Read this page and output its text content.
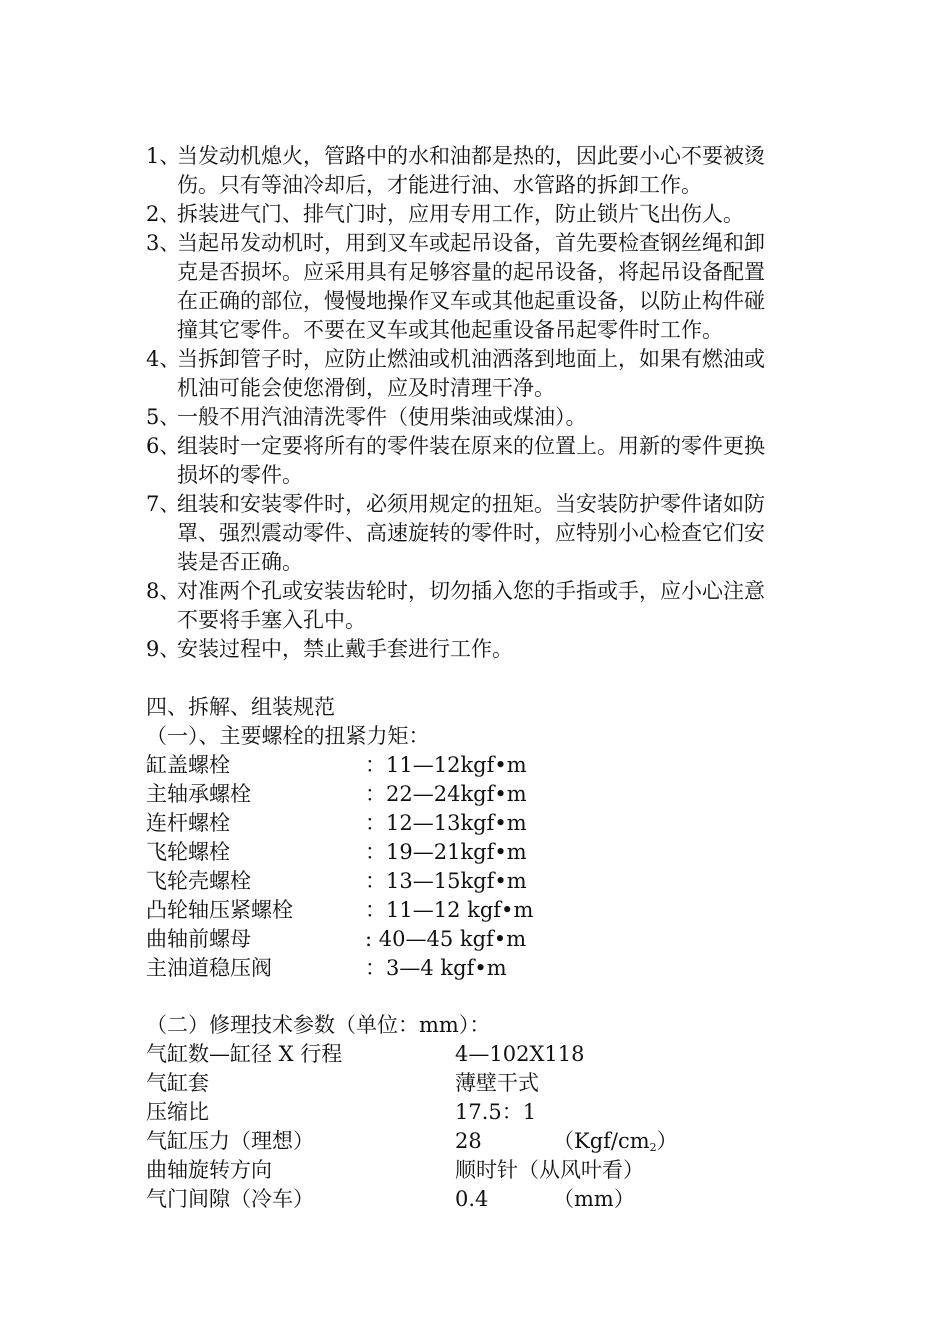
1、
当发动机熄火，管路中的水和油都是热的，因此要小心不要被烫
伤。只有等油冷却后，才能进行油、水管路的拆卸工作。
2、
拆装进气门、排气门时，应用专用工作，防止锁片飞出伤人。
3、
当起吊发动机时，用到叉车或起吊设备，首先要检查钢丝绳和卸
克是否损坏。应采用具有足够容量的起吊设备，将起吊设备配置
在正确的部位，慢慢地操作叉车或其他起重设备，以防止构件碰
撞其它零件。不要在叉车或其他起重设备吊起零件时工作。
4、
当拆卸管子时，应防止燃油或机油洒落到地面上，如果有燃油或
机油可能会使您滑倒，应及时清理干净。
5、
一般不用汽油清洗零件（使用柴油或煤油）。
6、
组装时一定要将所有的零件装在原来的位置上。用新的零件更换
损坏的零件。
7、
组装和安装零件时，必须用规定的扭矩。当安装防护零件诸如防
罩、强烈震动零件、高速旋转的零件时，应特别小心检查它们安
装是否正确。
8、
对准两个孔或安装齿轮时，切勿插入您的手指或手，应小心注意
不要将手塞入孔中。
9、
安装过程中，禁止戴手套进行工作。
四、拆解、组装规范
（一）、主要螺栓的扭紧力矩：
缸盖螺栓	：11—12kgf•m
主轴承螺栓	：22—24kgf•m
连杆螺栓	：12—13kgf•m
飞轮螺栓	：19—21kgf•m
飞轮壳螺栓	：13—15kgf•m
凸轮轴压紧螺栓	：11—12 kgf•m
曲轴前螺母	: 40—45 kgf•m
主油道稳压阀	：3—4 kgf•m
（二）修理技术参数（单位：mm）：
气缸数—缸径 X 行程	4—102X118
气缸套	薄壁干式
压缩比	17.5：1
气缸压力（理想）	28	$(Kgf/cm_2)$
曲轴旋转方向	顺时针（从风叶看）
气门间隙（冷车）	0.4	（mm）
